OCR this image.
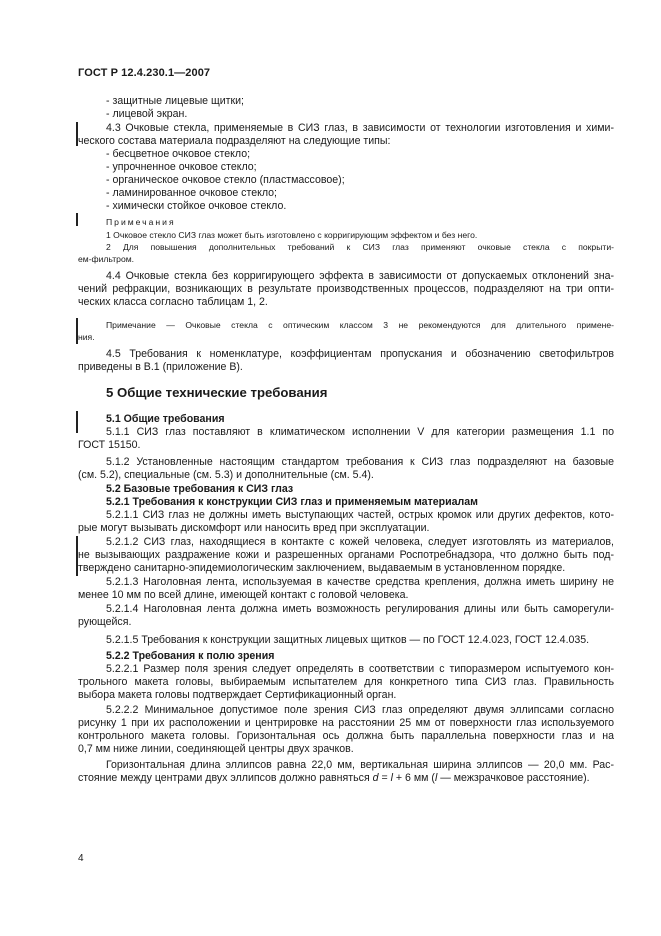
ГОСТ Р 12.4.230.1—2007
- защитные лицевые щитки;
- лицевой экран.
4.3 Очковые стекла, применяемые в СИЗ глаз, в зависимости от технологии изготовления и хими-
ческого состава материала подразделяют на следующие типы:
- бесцветное очковое стекло;
- упрочненное очковое стекло;
- органическое очковое стекло (пластмассовое);
- ламинированное очковое стекло;
- химически стойкое очковое стекло.
Примечания
1 Очковое стекло СИЗ глаз может быть изготовлено с корригирующим эффектом и без него.
2 Для повышения дополнительных требований к СИЗ глаз применяют очковые стекла с покрыти-
ем-фильтром.
4.4 Очковые стекла без корригирующего эффекта в зависимости от допускаемых отклонений зна-
чений рефракции, возникающих в результате производственных процессов, подразделяют на три опти-
ческих класса согласно таблицам 1, 2.
Примечание — Очковые стекла с оптическим классом 3 не рекомендуются для длительного примене-
ния.
4.5 Требования к номенклатуре, коэффициентам пропускания и обозначению светофильтров
приведены в В.1 (приложение В).
5 Общие технические требования
5.1 Общие требования
5.1.1 СИЗ глаз поставляют в климатическом исполнении V для категории размещения 1.1 по
ГОСТ 15150.
5.1.2 Установленные настоящим стандартом требования к СИЗ глаз подразделяют на базовые
(см. 5.2), специальные (см. 5.3) и дополнительные (см. 5.4).
5.2 Базовые требования к СИЗ глаз
5.2.1 Требования к конструкции СИЗ глаз и применяемым материалам
5.2.1.1 СИЗ глаз не должны иметь выступающих частей, острых кромок или других дефектов, кото-
рые могут вызывать дискомфорт или наносить вред при эксплуатации.
5.2.1.2 СИЗ глаз, находящиеся в контакте с кожей человека, следует изготовлять из материалов,
не вызывающих раздражение кожи и разрешенных органами Роспотребнадзора, что должно быть под-
тверждено санитарно-эпидемиологическим заключением, выдаваемым в установленном порядке.
5.2.1.3 Наголовная лента, используемая в качестве средства крепления, должна иметь ширину не
менее 10 мм по всей длине, имеющей контакт с головой человека.
5.2.1.4 Наголовная лента должна иметь возможность регулирования длины или быть саморегули-
рующейся.
5.2.1.5 Требования к конструкции защитных лицевых щитков — по ГОСТ 12.4.023, ГОСТ 12.4.035.
5.2.2 Требования к полю зрения
5.2.2.1 Размер поля зрения следует определять в соответствии с типоразмером испытуемого кон-
трольного макета головы, выбираемым испытателем для конкретного типа СИЗ глаз. Правильность
выбора макета головы подтверждает Сертификационный орган.
5.2.2.2 Минимальное допустимое поле зрения СИЗ глаз определяют двумя эллипсами согласно
рисунку 1 при их расположении и центрировке на расстоянии 25 мм от поверхности глаз используемого
контрольного макета головы. Горизонтальная ось должна быть параллельна поверхности глаз и на
0,7 мм ниже линии, соединяющей центры двух зрачков.
Горизонтальная длина эллипсов равна 22,0 мм, вертикальная ширина эллипсов — 20,0 мм. Рас-
стояние между центрами двух эллипсов должно равняться d = l + 6 мм (l — межзрачковое расстояние).
4
